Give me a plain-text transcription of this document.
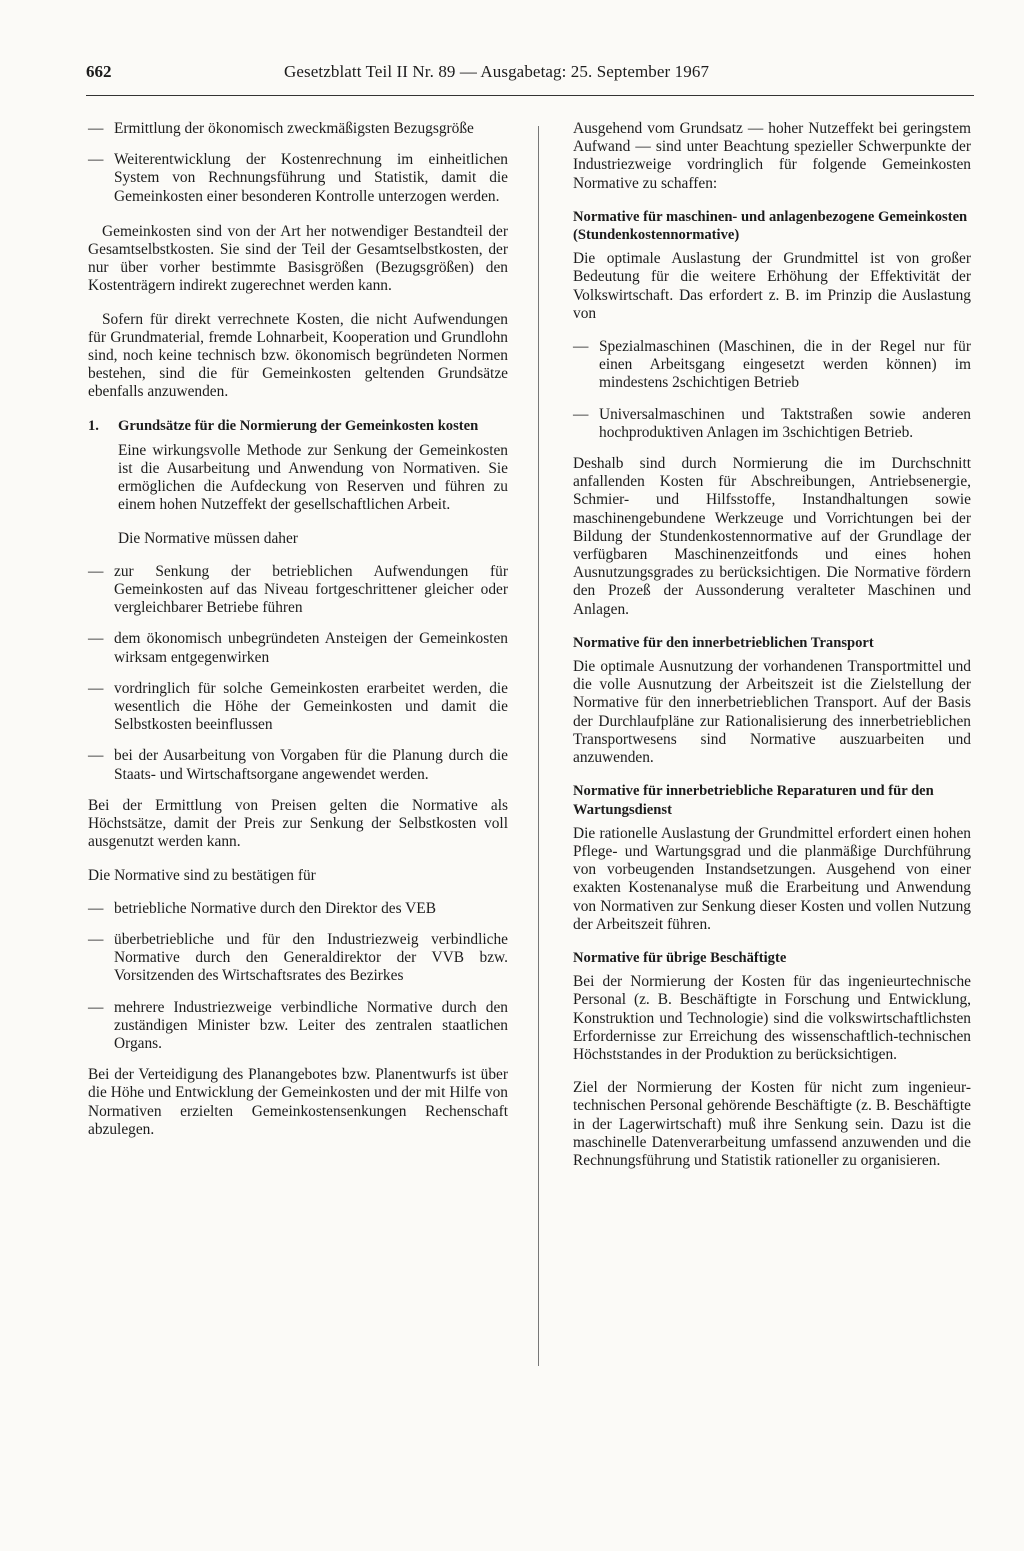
662	Gesetzblatt Teil II Nr. 89 — Ausgabetag: 25. September 1967
— Ermittlung der ökonomisch zweckmäßigsten Bezugsgröße
— Weiterentwicklung der Kostenrechnung im einheitlichen System von Rechnungsführung und Statistik, damit die Gemeinkosten einer besonderen Kontrolle unterzogen werden.

Gemeinkosten sind von der Art her notwendiger Bestandteil der Gesamtselbstkosten. Sie sind der Teil der Gesamtselbstkosten, der nur über vorher bestimmte Basisgrößen (Bezugsgrößen) den Kostenträgern indirekt zugerechnet werden kann.

Sofern für direkt verrechnete Kosten, die nicht Aufwendungen für Grundmaterial, fremde Lohnarbeit, Kooperation und Grundlohn sind, noch keine technisch bzw. ökonomisch begründeten Normen bestehen, sind die für Gemeinkosten geltenden Grundsätze ebenfalls anzuwenden.

1.	Grundsätze für die Normierung der Gemeinkosten kosten

Eine wirkungsvolle Methode zur Senkung der Gemeinkosten ist die Ausarbeitung und Anwendung von Normativen. Sie ermöglichen die Aufdeckung von Reserven und führen zu einem hohen Nutzeffekt der gesellschaftlichen Arbeit.

Die Normative müssen daher

— zur Senkung der betrieblichen Aufwendungen für Gemeinkosten auf das Niveau fortgeschrittener gleicher oder vergleichbarer Betriebe führen
— dem ökonomisch unbegründeten Ansteigen der Gemeinkosten wirksam entgegenwirken
— vordringlich für solche Gemeinkosten erarbeitet werden, die wesentlich die Höhe der Gemeinkosten und damit die Selbstkosten beeinflussen
— bei der Ausarbeitung von Vorgaben für die Planung durch die Staats- und Wirtschaftsorgane angewendet werden.

Bei der Ermittlung von Preisen gelten die Normative als Höchstsätze, damit der Preis zur Senkung der Selbstkosten voll ausgenutzt werden kann.

Die Normative sind zu bestätigen für

— betriebliche Normative durch den Direktor des VEB
— überbetriebliche und für den Industriezweig verbindliche Normative durch den Generaldirektor der VVB bzw. Vorsitzenden des Wirtschaftsrates des Bezirkes
— mehrere Industriezweige verbindliche Normative durch den zuständigen Minister bzw. Leiter des zentralen staatlichen Organs.

Bei der Verteidigung des Planangebotes bzw. Planentwurfs ist über die Höhe und Entwicklung der Gemeinkosten und der mit Hilfe von Normativen erzielten Gemeinkostensenkungen Rechenschaft abzulegen.

Ausgehend vom Grundsatz — hoher Nutzeffekt bei geringstem Aufwand — sind unter Beachtung spezieller Schwerpunkte der Industriezweige vordringlich für folgende Gemeinkosten Normative zu schaffen:

Normative für maschinen- und anlagenbezogene Gemeinkosten (Stundenkostennormative)

Die optimale Auslastung der Grundmittel ist von großer Bedeutung für die weitere Erhöhung der Effektivität der Volkswirtschaft. Das erfordert z. B. im Prinzip die Auslastung von

— Spezialmaschinen (Maschinen, die in der Regel nur für einen Arbeitsgang eingesetzt werden können) im mindestens 2schichtigen Betrieb
— Universalmaschinen und Taktstraßen sowie anderen hochproduktiven Anlagen im 3schichtigen Betrieb.

Deshalb sind durch Normierung die im Durchschnitt anfallenden Kosten für Abschreibungen, Antriebsenergie, Schmier- und Hilfsstoffe, Instandhaltungen sowie maschinengebundene Werkzeuge und Vorrichtungen bei der Bildung der Stundenkostennormative auf der Grundlage der verfügbaren Maschinenzeitfonds und eines hohen Ausnutzungsgrades zu berücksichtigen. Die Normative fördern den Prozeß der Aussonderung veralteter Maschinen und Anlagen.

Normative für den innerbetrieblichen Transport

Die optimale Ausnutzung der vorhandenen Transportmittel und die volle Ausnutzung der Arbeitszeit ist die Zielstellung der Normative für den innerbetrieblichen Transport. Auf der Basis der Durchlaufpläne zur Rationalisierung des innerbetrieblichen Transportwesens sind Normative auszuarbeiten und anzuwenden.

Normative für innerbetriebliche Reparaturen und für den Wartungsdienst

Die rationelle Auslastung der Grundmittel erfordert einen hohen Pflege- und Wartungsgrad und die planmäßige Durchführung von vorbeugenden Instandsetzungen. Ausgehend von einer exakten Kostenanalyse muß die Erarbeitung und Anwendung von Normativen zur Senkung dieser Kosten und vollen Nutzung der Arbeitszeit führen.

Normative für übrige Beschäftigte

Bei der Normierung der Kosten für das ingenieurtechnische Personal (z. B. Beschäftigte in Forschung und Entwicklung, Konstruktion und Technologie) sind die volkswirtschaftlichsten Erfordernisse zur Erreichung des wissenschaftlich-technischen Höchststandes in der Produktion zu berücksichtigen.

Ziel der Normierung der Kosten für nicht zum ingenieur-technischen Personal gehörende Beschäftigte (z. B. Beschäftigte in der Lagerwirtschaft) muß ihre Senkung sein. Dazu ist die maschinelle Datenverarbeitung umfassend anzuwenden und die Rechnungsführung und Statistik rationeller zu organisieren.
